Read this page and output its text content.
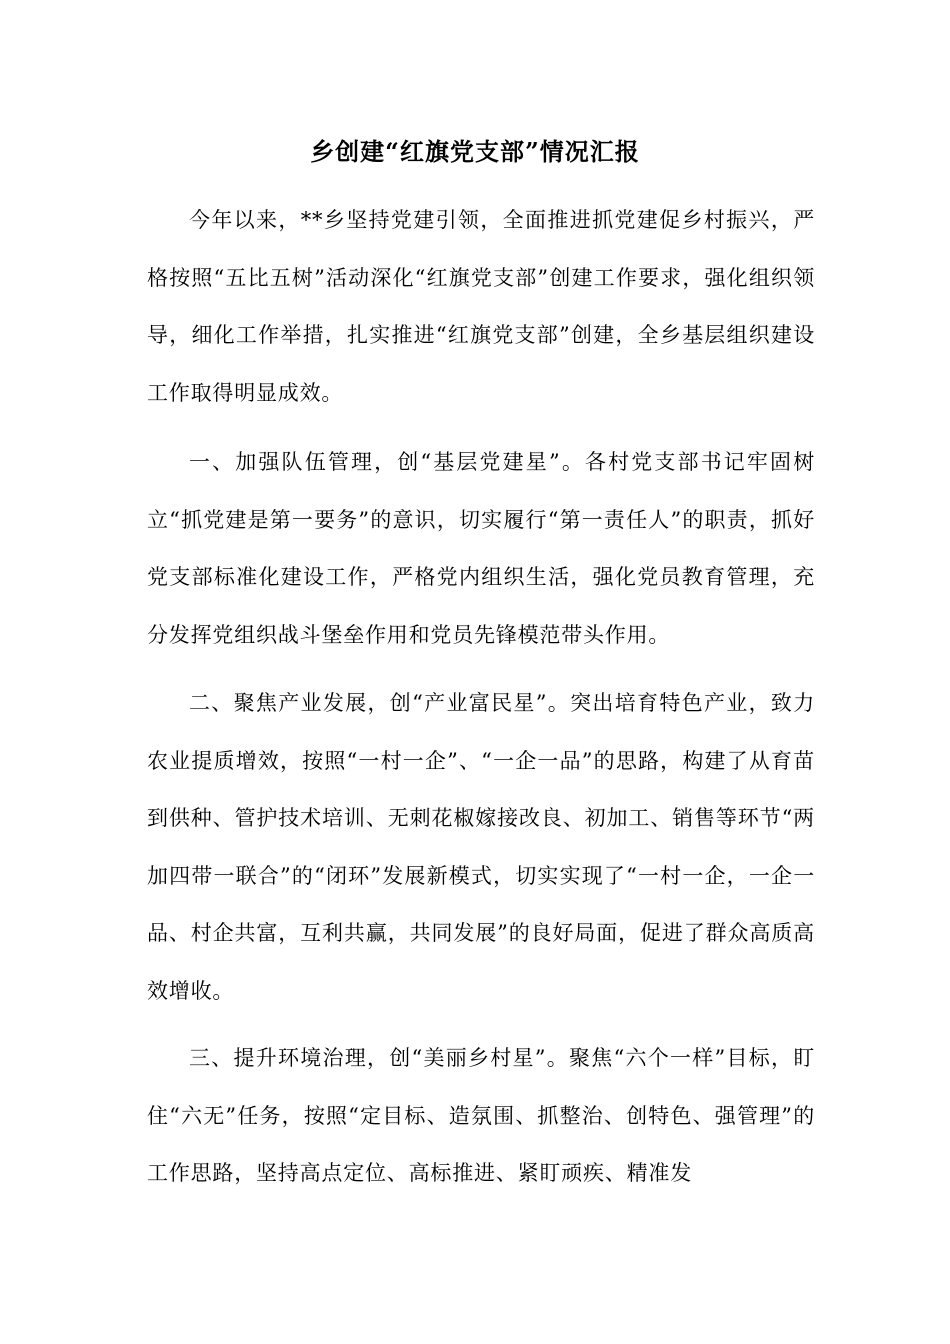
乡创建“红旗党支部”情况汇报

今年以来，**乡坚持党建引领，全面推进抓党建促乡村振兴，严格按照“五比五树”活动深化“红旗党支部”创建工作要求，强化组织领导，细化工作举措，扎实推进“红旗党支部”创建，全乡基层组织建设工作取得明显成效。

一、加强队伍管理，创“基层党建星”。各村党支部书记牢固树立“抓党建是第一要务”的意识，切实履行“第一责任人”的职责，抓好党支部标准化建设工作，严格党内组织生活，强化党员教育管理，充分发挥党组织战斗堡垒作用和党员先锋模范带头作用。

二、聚焦产业发展，创“产业富民星”。突出培育特色产业，致力农业提质增效，按照“一村一企”、“一企一品”的思路，构建了从育苗到供种、管护技术培训、无刺花椒嫁接改良、初加工、销售等环节“两加四带一联合”的“闭环”发展新模式，切实实现了“一村一企，一企一品、村企共富，互利共赢，共同发展”的良好局面，促进了群众高质高效增收。

三、提升环境治理，创“美丽乡村星”。聚焦“六个一样”目标，盯住“六无”任务，按照“定目标、造氛围、抓整治、创特色、强管理”的工作思路，坚持高点定位、高标推进、紧盯顽疾、精准发
